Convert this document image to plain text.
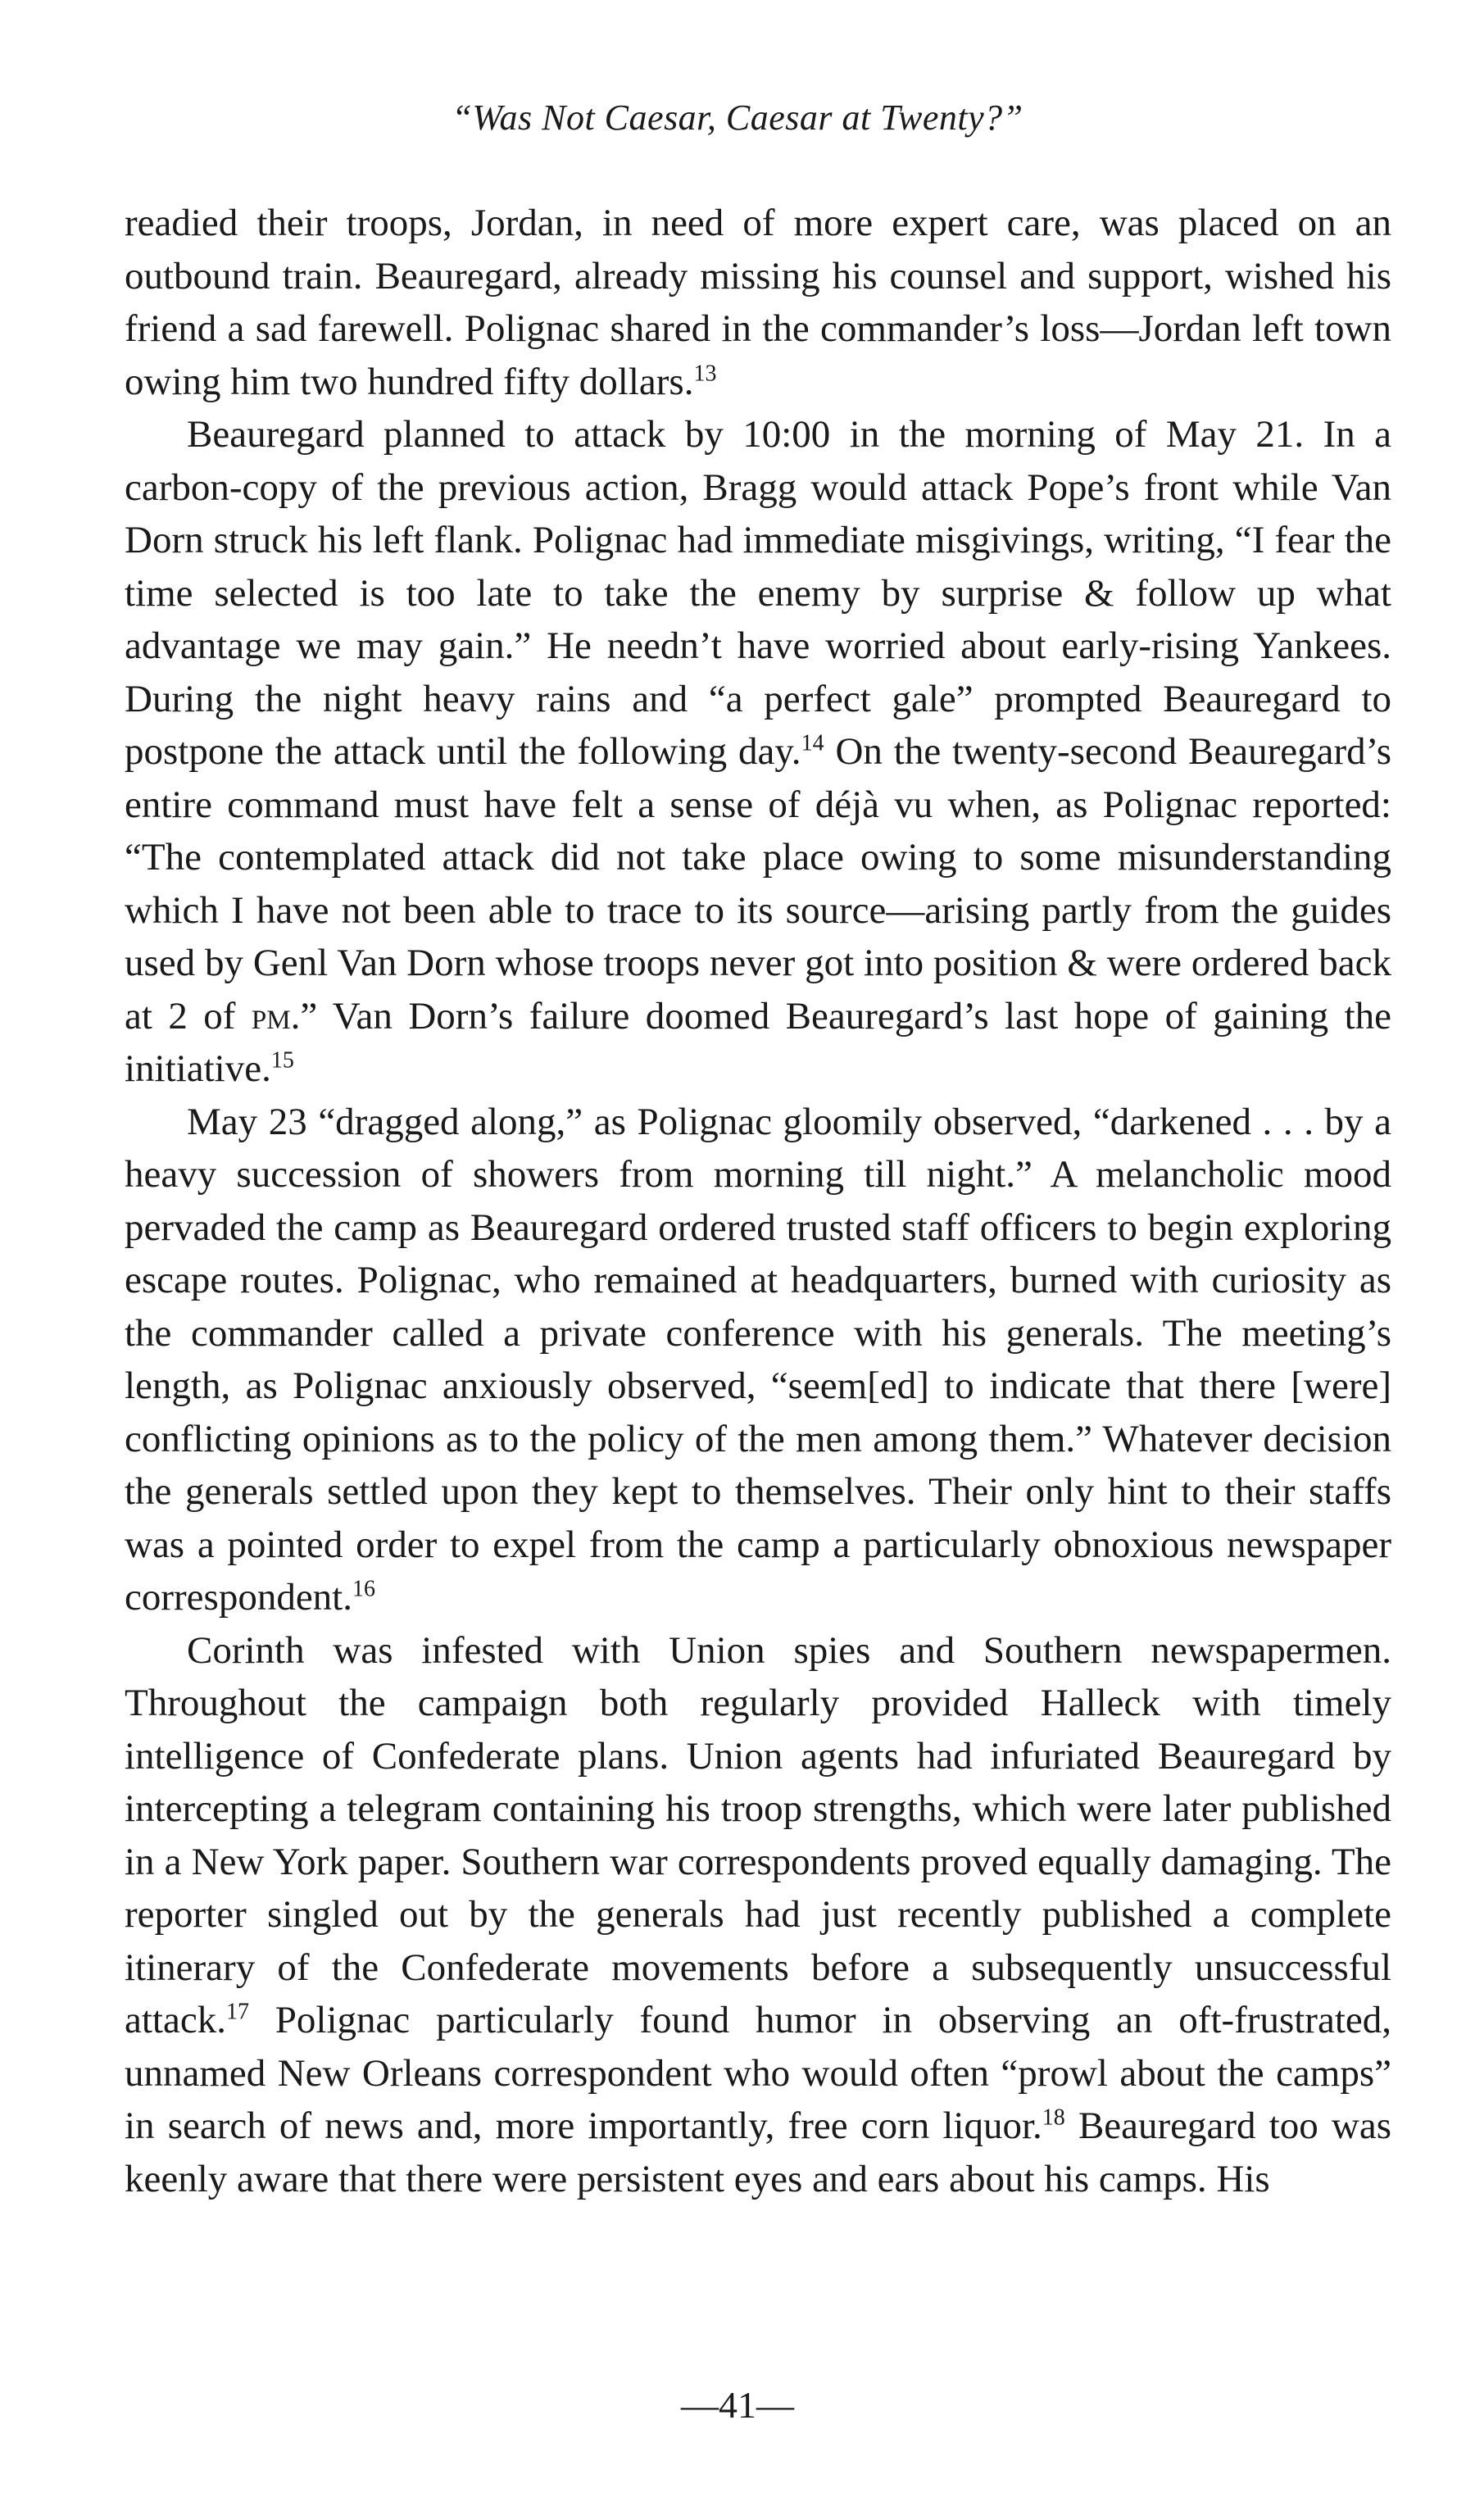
“Was Not Caesar, Caesar at Twenty?”

readied their troops, Jordan, in need of more expert care, was placed on an outbound train. Beauregard, already missing his counsel and support, wished his friend a sad farewell. Polignac shared in the commander’s loss—Jordan left town owing him two hundred fifty dollars.$^{13}$

Beauregard planned to attack by 10:00 in the morning of May 21. In a carbon-copy of the previous action, Bragg would attack Pope’s front while Van Dorn struck his left flank. Polignac had immediate misgivings, writing, “I fear the time selected is too late to take the enemy by surprise & follow up what advantage we may gain.” He needn’t have worried about early-rising Yankees. During the night heavy rains and “a perfect gale” prompted Beauregard to postpone the attack until the following day.$^{14}$ On the twenty-second Beauregard’s entire command must have felt a sense of déjà vu when, as Polignac reported: “The contemplated attack did not take place owing to some misunderstanding which I have not been able to trace to its source—arising partly from the guides used by Genl Van Dorn whose troops never got into position & were ordered back at 2 of pm.” Van Dorn’s failure doomed Beauregard’s last hope of gaining the initiative.$^{15}$

May 23 “dragged along,” as Polignac gloomily observed, “darkened . . . by a heavy succession of showers from morning till night.” A melancholic mood pervaded the camp as Beauregard ordered trusted staff officers to begin exploring escape routes. Polignac, who remained at headquarters, burned with curiosity as the commander called a private conference with his generals. The meeting’s length, as Polignac anxiously observed, “seem[ed] to indicate that there [were] conflicting opinions as to the policy of the men among them.” Whatever decision the generals settled upon they kept to themselves. Their only hint to their staffs was a pointed order to expel from the camp a particularly obnoxious newspaper correspondent.$^{16}$

Corinth was infested with Union spies and Southern newspapermen. Throughout the campaign both regularly provided Halleck with timely intelligence of Confederate plans. Union agents had infuriated Beauregard by intercepting a telegram containing his troop strengths, which were later published in a New York paper. Southern war correspondents proved equally damaging. The reporter singled out by the generals had just recently published a complete itinerary of the Confederate movements before a subsequently unsuccessful attack.$^{17}$ Polignac particularly found humor in observing an oft-frustrated, unnamed New Orleans correspondent who would often “prowl about the camps” in search of news and, more importantly, free corn liquor.$^{18}$ Beauregard too was keenly aware that there were persistent eyes and ears about his camps. His

—41—
